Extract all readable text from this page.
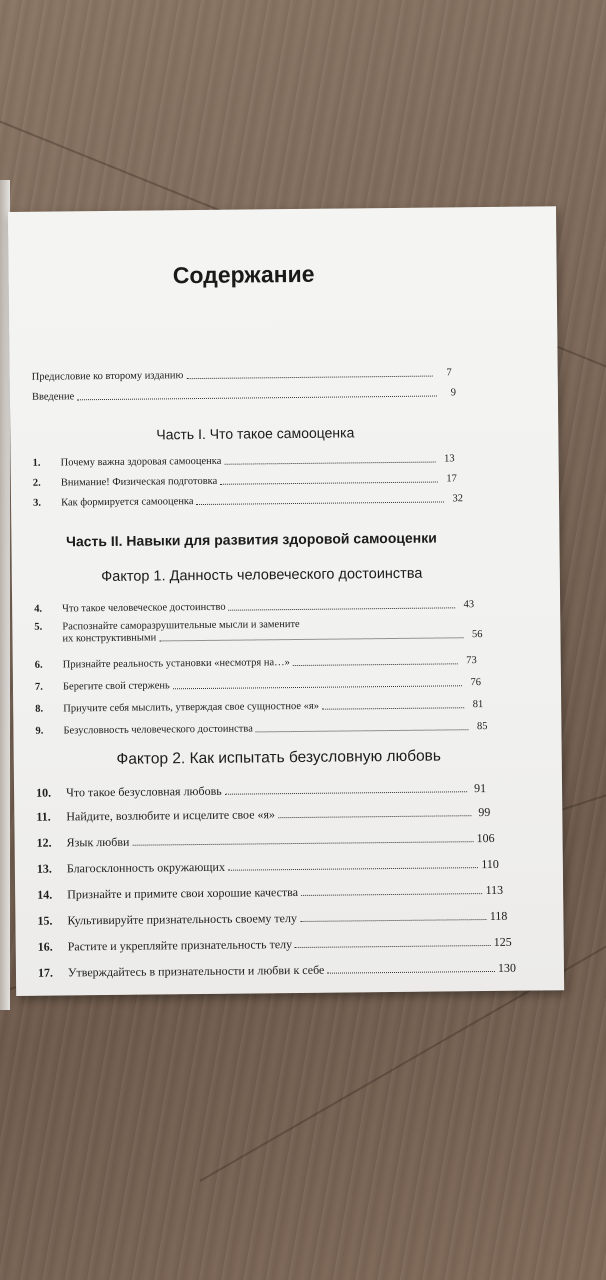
Содержание
Предисловие ко второму изданию	7
Введение	9
Часть I. Что такое самооценка
1.	Почему важна здоровая самооценка	13
2.	Внимание! Физическая подготовка	17
3.	Как формируется самооценка	32
Часть II. Навыки для развития здоровой самооценки
Фактор 1. Данность человеческого достоинства
4.	Что такое человеческое достоинство	43
5.	Распознайте саморазрушительные мысли и замените
их конструктивными	56
6.	Признайте реальность установки «несмотря на…»	73
7.	Берегите свой стержень	76
8.	Приучите себя мыслить, утверждая свое сущностное «я»	81
9.	Безусловность человеческого достоинства	85
Фактор 2. Как испытать безусловную любовь
10.	Что такое безусловная любовь	91
11.	Найдите, возлюбите и исцелите свое «я»	99
12.	Язык любви	106
13.	Благосклонность окружающих	110
14.	Признайте и примите свои хорошие качества	113
15.	Культивируйте признательность своему телу	118
16.	Растите и укрепляйте признательность телу	125
17.	Утверждайтесь в признательности и любви к себе	130
